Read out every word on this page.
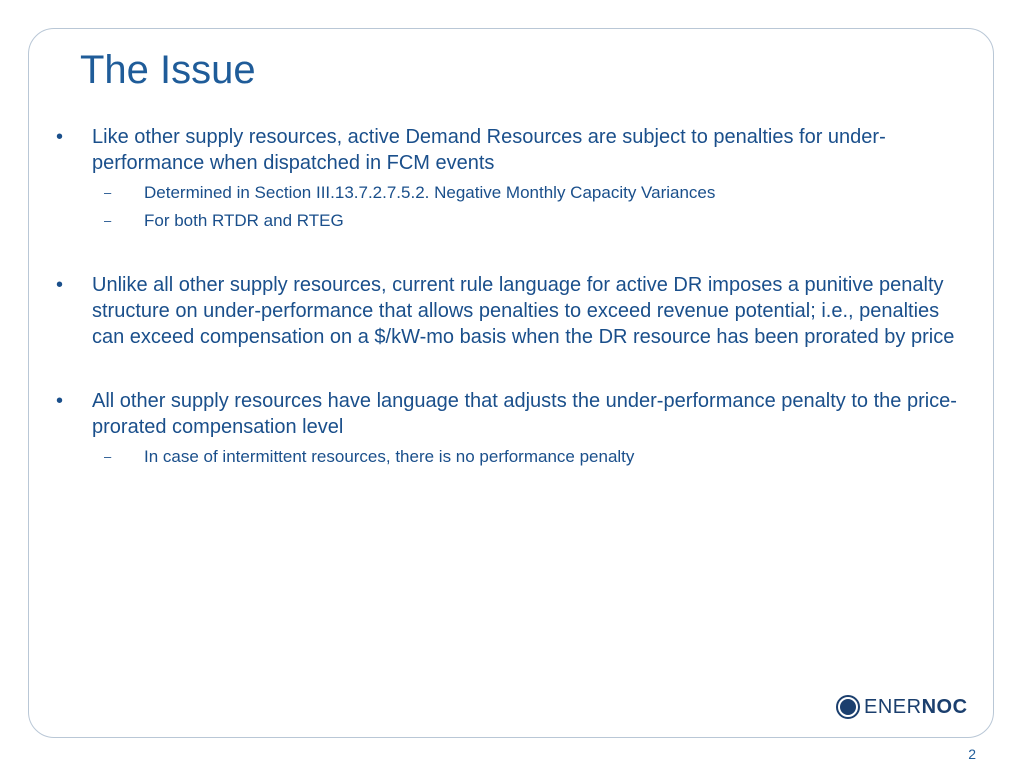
The Issue
•	Like other supply resources, active Demand Resources are subject to penalties for under-performance when dispatched in FCM events
– Determined in Section III.13.7.2.7.5.2. Negative Monthly Capacity Variances
– For both RTDR and RTEG
•	Unlike all other supply resources, current rule language for active DR imposes a punitive penalty structure on under-performance that allows penalties to exceed revenue potential; i.e., penalties can exceed compensation on a $/kW-mo basis when the DR resource has been prorated by price
•	All other supply resources have language that adjusts the under-performance penalty to the price-prorated compensation level
– In case of intermittent resources, there is no performance penalty
ENERNOC
2
